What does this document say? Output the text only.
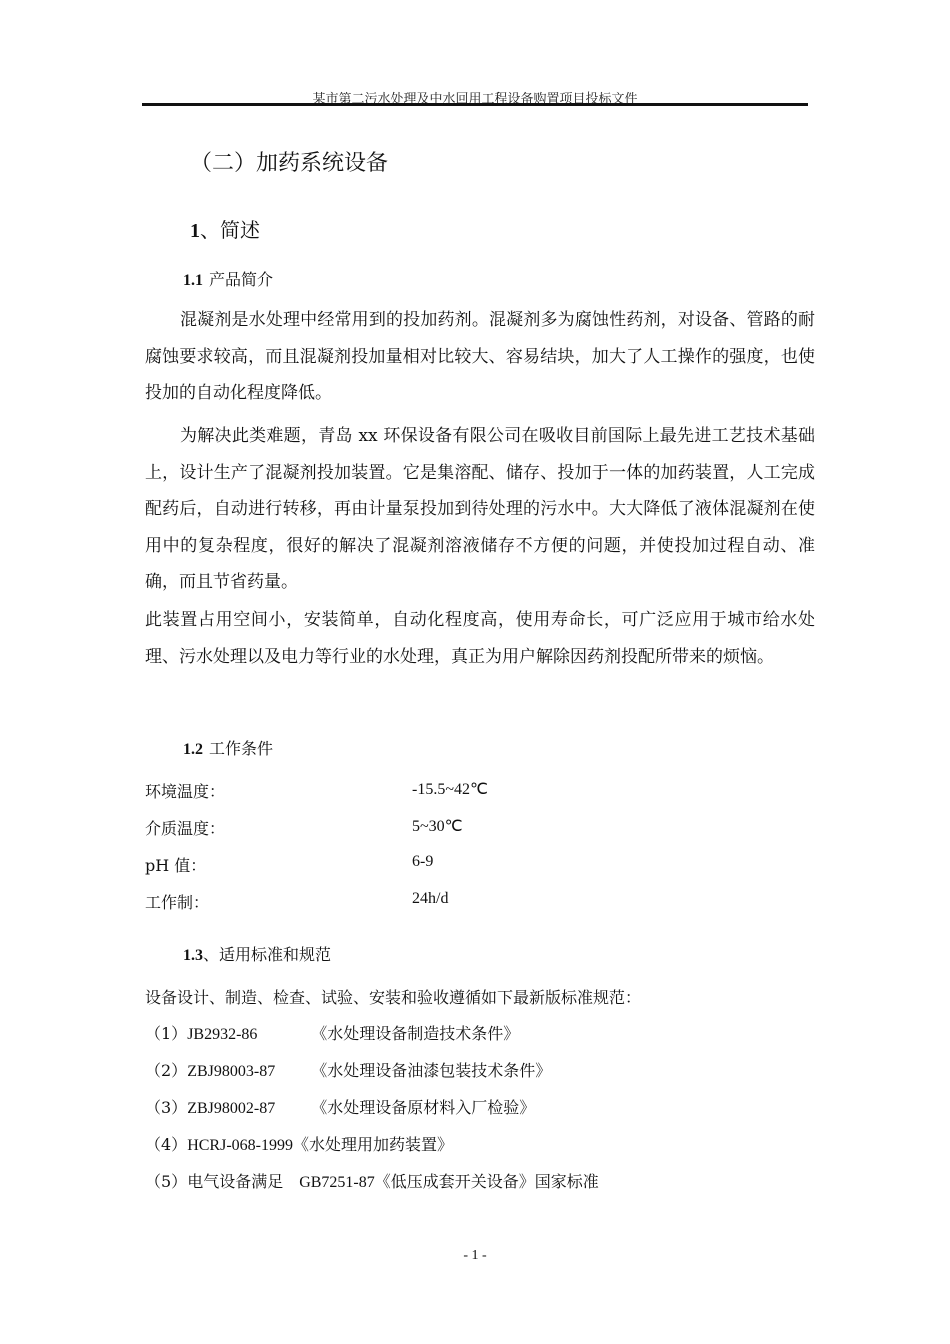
某市第二污水处理及中水回用工程设备购置项目投标文件
（二）加药系统设备
1、简述
1.1 产品简介

混凝剂是水处理中经常用到的投加药剂。混凝剂多为腐蚀性药剂，对设备、管路的耐腐蚀要求较高，而且混凝剂投加量相对比较大、容易结块，加大了人工操作的强度，也使投加的自动化程度降低。

为解决此类难题，青岛 xx 环保设备有限公司在吸收目前国际上最先进工艺技术基础上，设计生产了混凝剂投加装置。它是集溶配、储存、投加于一体的加药装置，人工完成配药后，自动进行转移，再由计量泵投加到待处理的污水中。大大降低了液体混凝剂在使用中的复杂程度，很好的解决了混凝剂溶液储存不方便的问题，并使投加过程自动、准确，而且节省药量。

此装置占用空间小，安装简单，自动化程度高，使用寿命长，可广泛应用于城市给水处理、污水处理以及电力等行业的水处理，真正为用户解除因药剂投配所带来的烦恼。

1.2 工作条件
环境温度：	-15.5~42℃
介质温度：	5~30℃
pH 值：	6-9
工作制：	24h/d
1.3、适用标准和规范
设备设计、制造、检查、试验、安装和验收遵循如下最新版标准规范：
（1）JB2932-86	《水处理设备制造技术条件》
（2）ZBJ98003-87 《水处理设备油漆包装技术条件》
（3）ZBJ98002-87 《水处理设备原材料入厂检验》
（4）HCRJ-068-1999《水处理用加药装置》
（5）电气设备满足　GB7251-87《低压成套开关设备》国家标准
- 1 -
